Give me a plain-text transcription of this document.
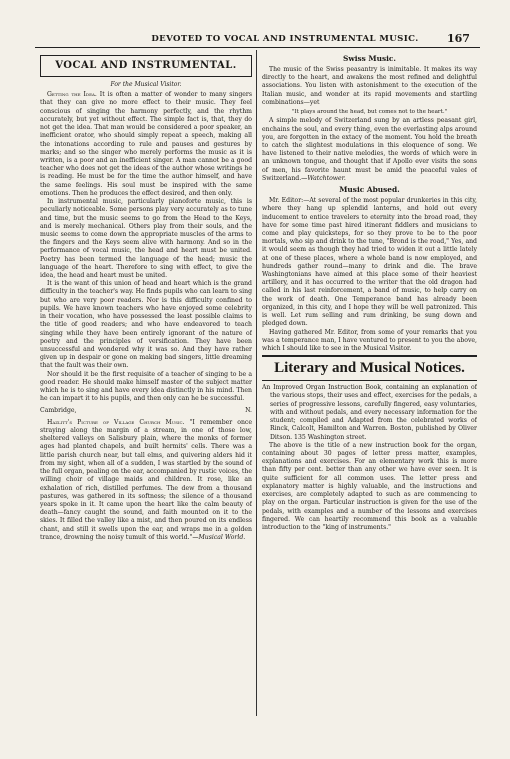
DEVOTED TO VOCAL AND INSTRUMENTAL MUSIC.	167
VOCAL AND INSTRUMENTAL.
For the Musical Visitor.

Getting the Idea. It is often a matter of wonder to many singers that they can give no more effect to their music. They feel conscious of singing the harmony perfectly, and the rhythm accurately, but yet without effect. The simple fact is, that, they do not get the idea. That man would be considered a poor speaker, an inefficient orator, who should simply repeat a speech, making all the intonations according to rule and pauses and gestures by marks; and so the singer who merely performs the music as it is written, is a poor and an inefficient singer. A man cannot be a good teacher who does not get the ideas of the author whose writings he is reading. He must be for the time the author himself, and have the same feelings. His soul must be inspired with the same emotions. Then he produces the effect desired, and then only.

In instrumental music, particularly pianoforte music, this is peculiarly noticeable. Some persons play very accurately as to tune and time, but the music seems to go from the Head to the Keys, and is merely mechanical. Others play from their souls, and the music seems to come down the appropriate muscles of the arms to the fingers and the Keys seem alive with harmony. And so in the performance of vocal music, the head and heart must be united. Poetry has been termed the language of the head; music the language of the heart. Therefore to sing with effect, to give the idea, the head and heart must be united.

It is the want of this union of head and heart which is the grand difficulty in the teacher's way. He finds pupils who can learn to sing but who are very poor readers. Nor is this difficulty confined to pupils. We have known teachers who have enjoyed some celebrity in their vocation, who have possessed the least possible claims to the title of good readers; and who have endeavored to teach singing while they have been entirely ignorant of the nature of poetry and the principles of versification. They have been unsuccessful and wondered why it was so. And they have rather given up in despair or gone on making bad singers, little dreaming that the fault was their own.

Nor should it be the first requisite of a teacher of singing to be a good reader. He should make himself master of the subject matter which he is to sing and have every idea distinctly in his mind. Then he can impart it to his pupils, and then only can he be successful.

Cambridge,	N.

Hazlitt's Picture of Village Church Music. "I remember once straying along the margin of a stream, in one of those low, sheltered valleys on Salisbury plain, where the monks of former ages had planted chapels, and built hermits' cells. There was a little parish church near, but tall elms, and quivering alders hid it from my sight, when all of a sudden, I was startled by the sound of the full organ, pealing on the ear, accompanied by rustic voices, the willing choir of village maids and children. It rose, like an exhalation of rich, distilled perfumes. The dew from a thousand pastures, was gathered in its softness; the silence of a thousand years spoke in it. It came upon the heart like the calm beauty of death—fancy caught the sound, and faith mounted on it to the skies. It filled the valley like a mist, and then poured on its endless chant, and still it swells upon the ear, and wraps me in a golden trance, drowning the noisy tumult of this world."—Musical World.

Swiss Music.

The music of the Swiss peasantry is inimitable. It makes its way directly to the heart, and awakens the most refined and delightful associations. You listen with astonishment to the execution of the Italian music, and wonder at its rapid movements and startling combinations—yet

"It plays around the head, but comes not to the heart."

A simple melody of Switzerland sung by an artless peasant girl, enchains the soul, and every thing, even the everlasting alps around you, are forgotten in the extacy of the moment. You hold the breath to catch the slightest modulations in this eloquence of song. We have listened to their native melodies, the words of which were in an unknown tongue, and thought that if Apollo ever visits the sons of men, his favorite haunt must be amid the peaceful vales of Switzerland.—Watchtower.

Music Abused.

Mr. Editor:—At several of the most popular drunkeries in this city, where they hang up splendid lanterns, and hold out every inducement to entice travelers to eternity into the broad road, they have for some time past hired itinerant fiddlers and musicians to come and play quicksteps, for so they prove to be to the poor mortals, who sip and drink to the tune, "Brond is the road," Yes, and it would seem as though they had tried to widen it out a little lately at one of these places, where a whole band is now employed, and hundreds gather round—many to drink and die. The brave Washingtonians have aimed at this place some of their heaviest artillery, and it has occurred to the writer that the old dragon had called in his last reinforcement, a band of music, to help carry on the work of death. One Temperance band has already been organized, in this city, and I hope they will be well patronized. This is well. Let rum selling and rum drinking, be sung down and pledged down.

Having gathered Mr. Editor, from some of your remarks that you was a temperance man, I have ventured to present to you the above, which I should like to see in the Musical Visitor.

Literary and Musical Notices.

An Improved Organ Instruction Book, containing an explanation of the various stops, their uses and effect, exercises for the pedals, a series of progressive lessons, carefully fingered, easy voluntaries, with and without pedals, and every necessary information for the student; compiled and Adapted from the celebrated works of Rinck, Calcolt, Hamilton and Warren. Boston, published by Oliver Ditson. 135 Washington street.

The above is the title of a new instruction book for the organ, containing about 30 pages of letter press matter, examples, explanations and exercises. For an elementary work this is more than fifty per cent. better than any other we have ever seen. It is quite sufficient for all common uses. The letter press and explanatory matter is highly valuable, and the instructions and exercises, are completely adapted to such as are commencing to play on the organ. Particular instruction is given for the use of the pedals, with examples and a number of the lessons and exercises fingered. We can heartily recommend this book as a valuable introduction to the "king of instruments."
